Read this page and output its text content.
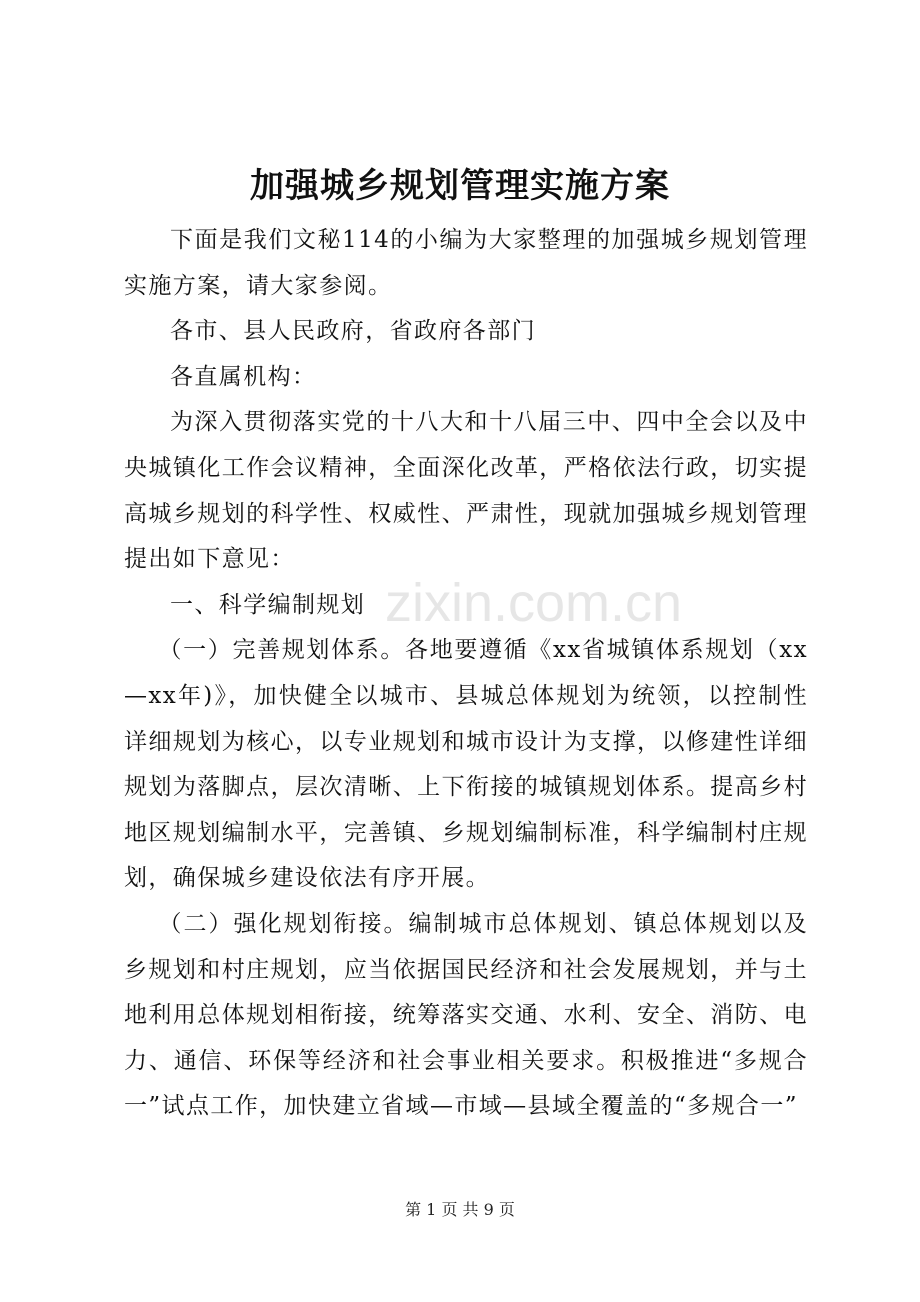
加强城乡规划管理实施方案

下面是我们文秘114的小编为大家整理的加强城乡规划管理实施方案，请大家参阅。

各市、县人民政府，省政府各部门

各直属机构：

为深入贯彻落实党的十八大和十八届三中、四中全会以及中央城镇化工作会议精神，全面深化改革，严格依法行政，切实提高城乡规划的科学性、权威性、严肃性，现就加强城乡规划管理提出如下意见：

一、科学编制规划

（一）完善规划体系。各地要遵循《xx省城镇体系规划（xx—xx年)》，加快健全以城市、县城总体规划为统领，以控制性详细规划为核心，以专业规划和城市设计为支撑，以修建性详细规划为落脚点，层次清晰、上下衔接的城镇规划体系。提高乡村地区规划编制水平，完善镇、乡规划编制标准，科学编制村庄规划，确保城乡建设依法有序开展。

（二）强化规划衔接。编制城市总体规划、镇总体规划以及乡规划和村庄规划，应当依据国民经济和社会发展规划，并与土地利用总体规划相衔接，统筹落实交通、水利、安全、消防、电力、通信、环保等经济和社会事业相关要求。积极推进“多规合一”试点工作，加快建立省域—市域—县域全覆盖的“多规合一”

zixin.com.cn
第 1 页 共 9 页
